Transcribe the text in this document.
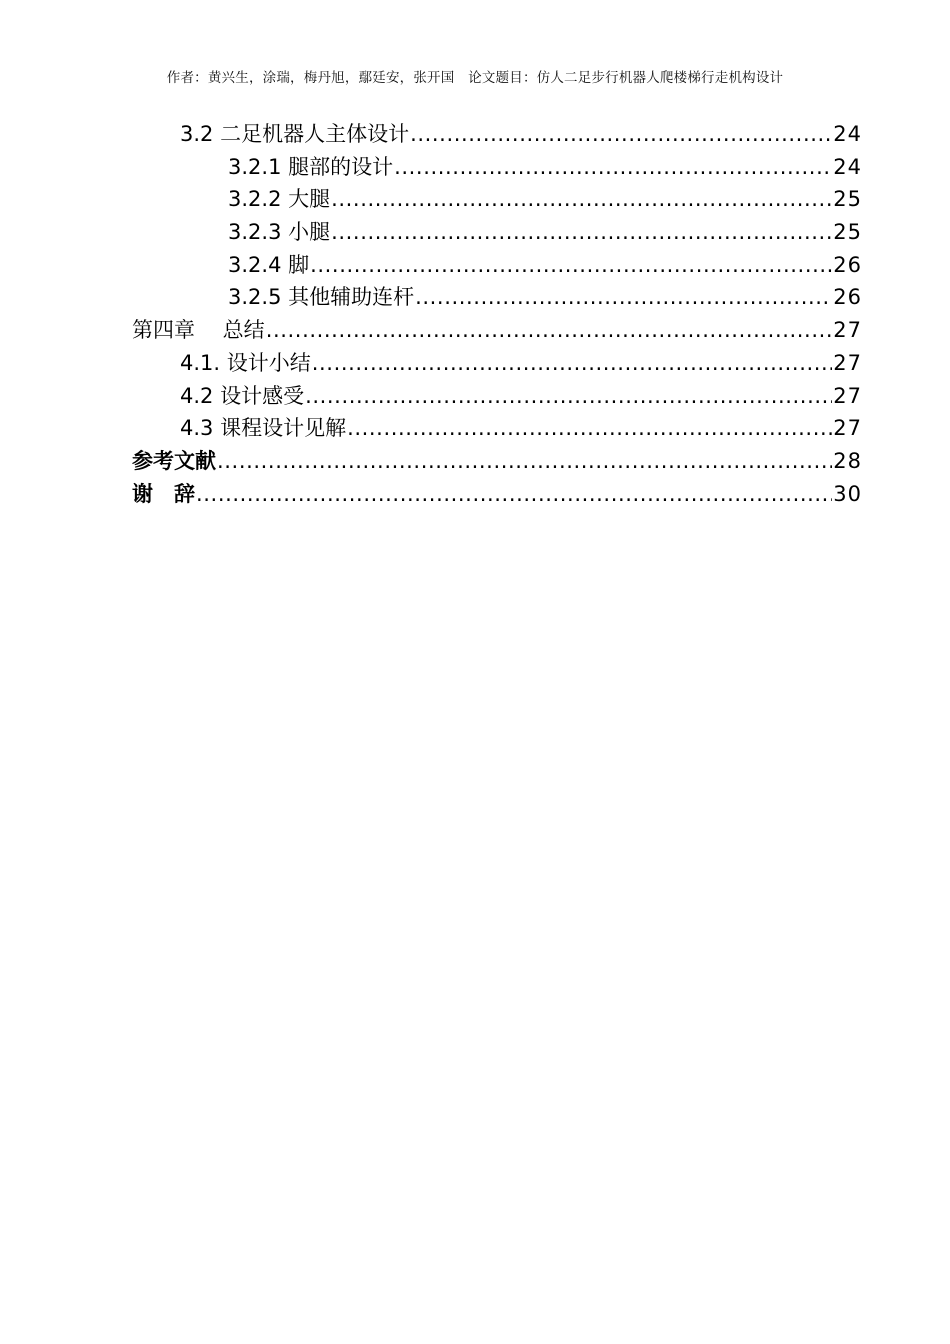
作者：黄兴生，涂瑞，梅丹旭，鄢廷安，张开国　论文题目：仿人二足步行机器人爬楼梯行走机构设计
3.2 二足机器人主体设计 .....	24
3.2.1 腿部的设计 .....	24
3.2.2 大腿 .....	25
3.2.3 小腿 .....	25
3.2.4 脚 .....	26
3.2.5 其他辅助连杆 .....	26
第四章　 总结 .....	27
4.1. 设计小结 .....	27
4.2 设计感受 .....	27
4.3 课程设计见解 .....	27
参考文献 .....	28
谢　辞 .....	30
